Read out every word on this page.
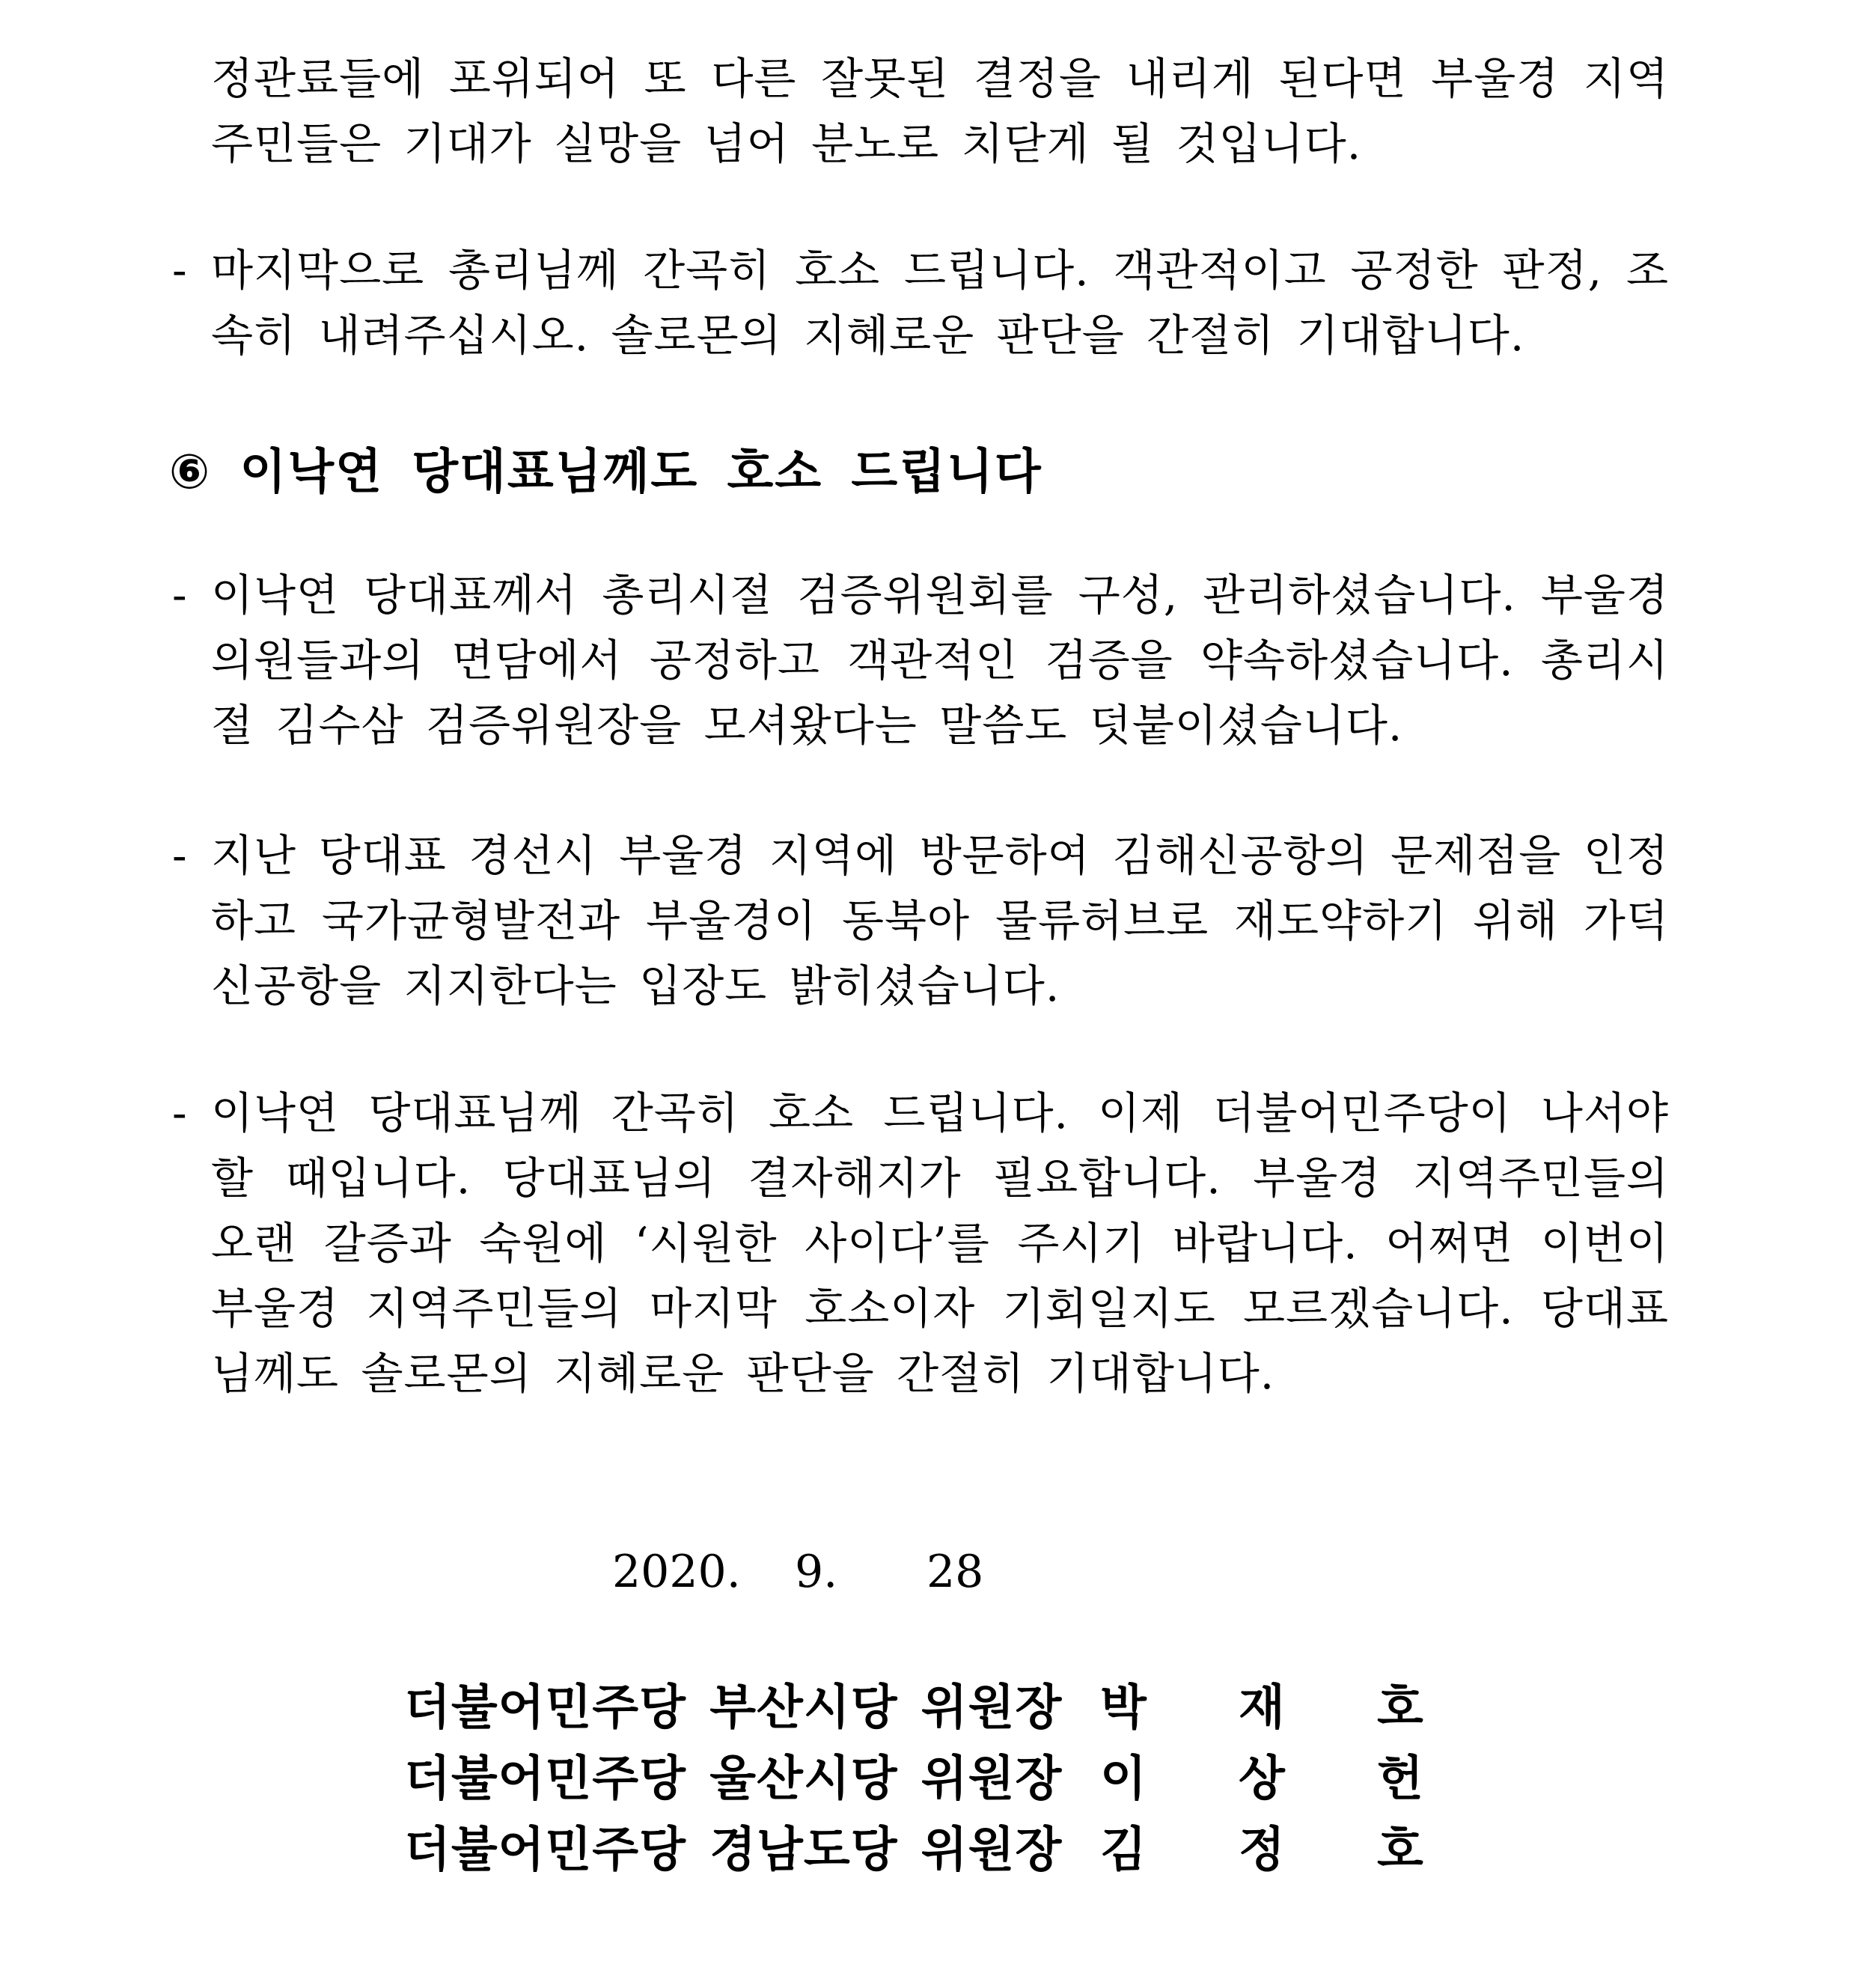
정관료들에 포위되어 또 다른 잘못된 결정을 내리게 된다면 부울경 지역주민들은 기대가 실망을 넘어 분노로 치닫게 될 것입니다.
- 마지막으로 총리님께 간곡히 호소 드립니다. 객관적이고 공정한 판정, 조속히 내려주십시오. 솔로몬의 지혜로운 판단을 간절히 기대합니다.
⑥ 이낙연 당대표님께도 호소 드립니다
- 이낙연 당대표께서 총리시절 검증위원회를 구성, 관리하셨습니다. 부울경 의원들과의 면담에서 공정하고 객관적인 검증을 약속하셨습니다. 총리시절 김수삼 검증위원장을 모셔왔다는 말씀도 덧붙이셨습니다.
- 지난 당대표 경선시 부울경 지역에 방문하여 김해신공항의 문제점을 인정하고 국가균형발전과 부울경이 동북아 물류허브로 재도약하기 위해 가덕신공항을 지지한다는 입장도 밝히셨습니다.
- 이낙연 당대표님께 간곡히 호소 드립니다. 이제 더불어민주당이 나서야 할 때입니다. 당대표님의 결자해지가 필요합니다. 부울경 지역주민들의 오랜 갈증과 숙원에 ‘시원한 사이다’를 주시기 바랍니다. 어쩌면 이번이 부울경 지역주민들의 마지막 호소이자 기회일지도 모르겠습니다. 당대표님께도 솔로몬의 지혜로운 판단을 간절히 기대합니다.
2020. 9. 28
더불어민주당 부산시당 위원장 박 재 호
더불어민주당 울산시당 위원장 이 상 헌
더불어민주당 경남도당 위원장 김 정 호
